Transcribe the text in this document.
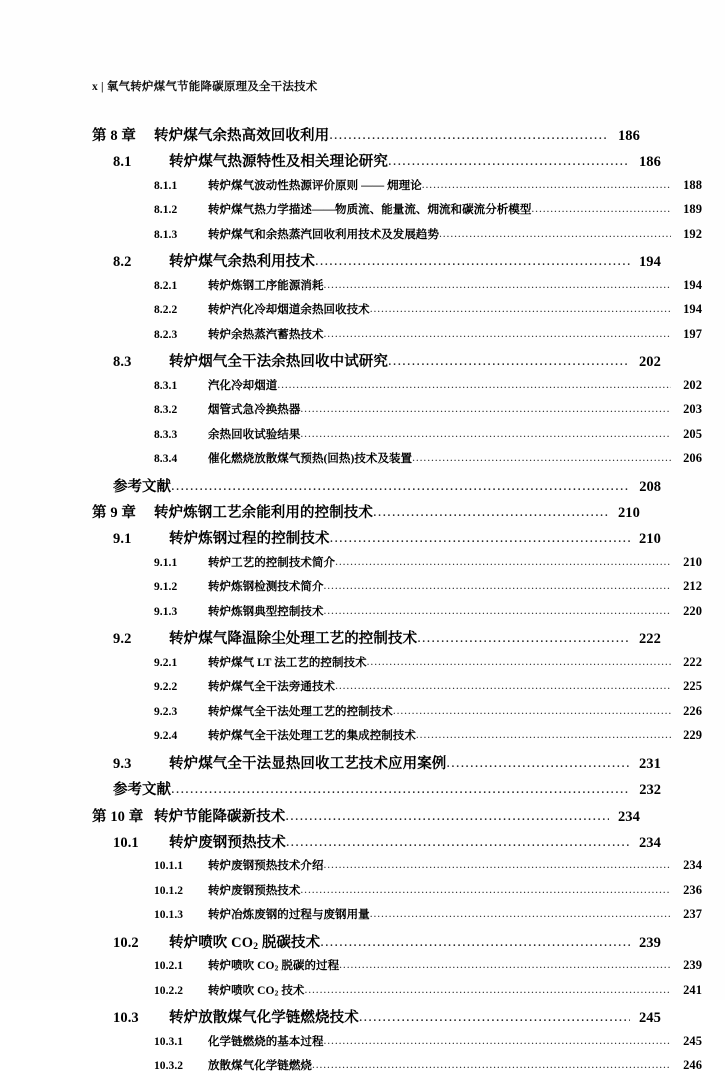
x | 氧气转炉煤气节能降碳原理及全干法技术
第 8 章	转炉煤气余热高效回收利用 .....	186
8.1	转炉煤气热源特性及相关理论研究 .....	186
8.1.1	转炉煤气波动性热源评价原则 —— 㶲理论 .....	188
8.1.2	转炉煤气热力学描述——物质流、能量流、㶲流和碳流分析模型 .....	189
8.1.3	转炉煤气和余热蒸汽回收利用技术及发展趋势 .....	192
8.2	转炉煤气余热利用技术 .....	194
8.2.1	转炉炼钢工序能源消耗 .....	194
8.2.2	转炉汽化冷却烟道余热回收技术 .....	194
8.2.3	转炉余热蒸汽蓄热技术 .....	197
8.3	转炉烟气全干法余热回收中试研究 .....	202
8.3.1	汽化冷却烟道 .....	202
8.3.2	烟管式急冷换热器 .....	203
8.3.3	余热回收试验结果 .....	205
8.3.4	催化燃烧放散煤气预热(回热)技术及装置 .....	206
参考文献 .....	208
第 9 章	转炉炼钢工艺余能利用的控制技术 .....	210
9.1	转炉炼钢过程的控制技术 .....	210
9.1.1	转炉工艺的控制技术简介 .....	210
9.1.2	转炉炼钢检测技术简介 .....	212
9.1.3	转炉炼钢典型控制技术 .....	220
9.2	转炉煤气降温除尘处理工艺的控制技术 .....	222
9.2.1	转炉煤气 LT 法工艺的控制技术 .....	222
9.2.2	转炉煤气全干法旁通技术 .....	225
9.2.3	转炉煤气全干法处理工艺的控制技术 .....	226
9.2.4	转炉煤气全干法处理工艺的集成控制技术 .....	229
9.3	转炉煤气全干法显热回收工艺技术应用案例 .....	231
参考文献 .....	232
第 10 章 转炉节能降碳新技术 .....	234
10.1	转炉废钢预热技术 .....	234
10.1.1	转炉废钢预热技术介绍 .....	234
10.1.2	转炉废钢预热技术 .....	236
10.1.3	转炉冶炼废钢的过程与废钢用量 .....	237
10.2	转炉喷吹 $CO_2$ 脱碳技术 .....	239
10.2.1	转炉喷吹 $CO_2$ 脱碳的过程 .....	239
10.2.2	转炉喷吹 $CO_2$ 技术 .....	241
10.3	转炉放散煤气化学链燃烧技术 .....	245
10.3.1	化学链燃烧的基本过程 .....	245
10.3.2	放散煤气化学链燃烧 .....	246
